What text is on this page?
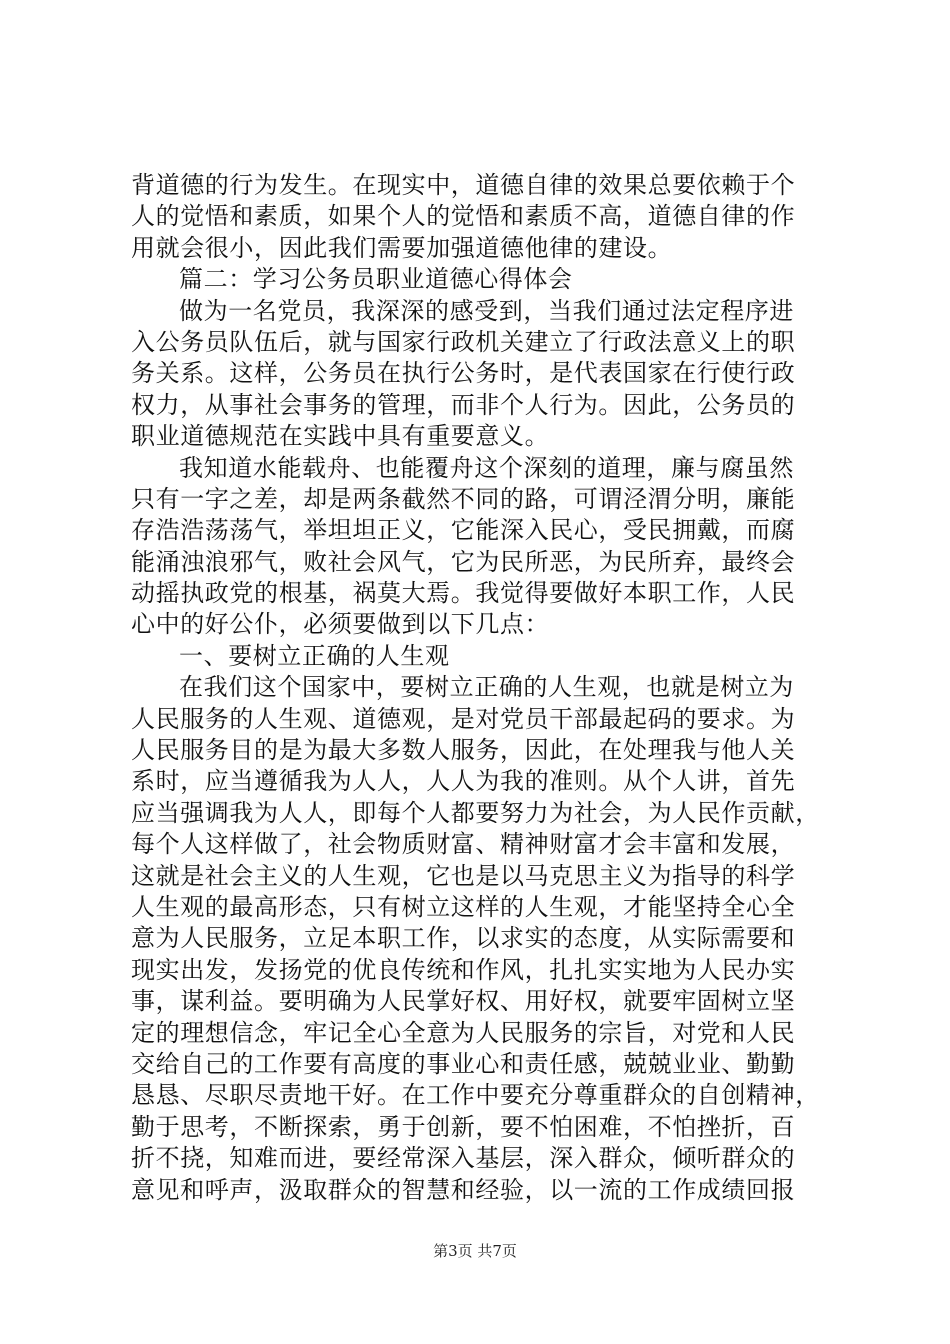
背道德的行为发生。在现实中，道德自律的效果总要依赖于个
人的觉悟和素质，如果个人的觉悟和素质不高，道德自律的作
用就会很小，因此我们需要加强道德他律的建设。
篇二：学习公务员职业道德心得体会
做为一名党员，我深深的感受到，当我们通过法定程序进
入公务员队伍后，就与国家行政机关建立了行政法意义上的职
务关系。这样，公务员在执行公务时，是代表国家在行使行政
权力，从事社会事务的管理，而非个人行为。因此，公务员的
职业道德规范在实践中具有重要意义。
我知道水能载舟、也能覆舟这个深刻的道理，廉与腐虽然
只有一字之差，却是两条截然不同的路，可谓泾渭分明，廉能
存浩浩荡荡气，举坦坦正义，它能深入民心，受民拥戴，而腐
能涌浊浪邪气，败社会风气，它为民所恶，为民所弃，最终会
动摇执政党的根基，祸莫大焉。我觉得要做好本职工作，人民
心中的好公仆，必须要做到以下几点：
一、要树立正确的人生观
在我们这个国家中，要树立正确的人生观，也就是树立为
人民服务的人生观、道德观，是对党员干部最起码的要求。为
人民服务目的是为最大多数人服务，因此，在处理我与他人关
系时，应当遵循我为人人，人人为我的准则。从个人讲，首先
应当强调我为人人，即每个人都要努力为社会，为人民作贡献，
每个人这样做了，社会物质财富、精神财富才会丰富和发展，
这就是社会主义的人生观，它也是以马克思主义为指导的科学
人生观的最高形态，只有树立这样的人生观，才能坚持全心全
意为人民服务，立足本职工作，以求实的态度，从实际需要和
现实出发，发扬党的优良传统和作风，扎扎实实地为人民办实
事，谋利益。要明确为人民掌好权、用好权，就要牢固树立坚
定的理想信念，牢记全心全意为人民服务的宗旨，对党和人民
交给自己的工作要有高度的事业心和责任感，兢兢业业、勤勤
恳恳、尽职尽责地干好。在工作中要充分尊重群众的自创精神，
勤于思考，不断探索，勇于创新，要不怕困难，不怕挫折，百
折不挠，知难而进，要经常深入基层，深入群众，倾听群众的
意见和呼声，汲取群众的智慧和经验，以一流的工作成绩回报
第3页 共7页
